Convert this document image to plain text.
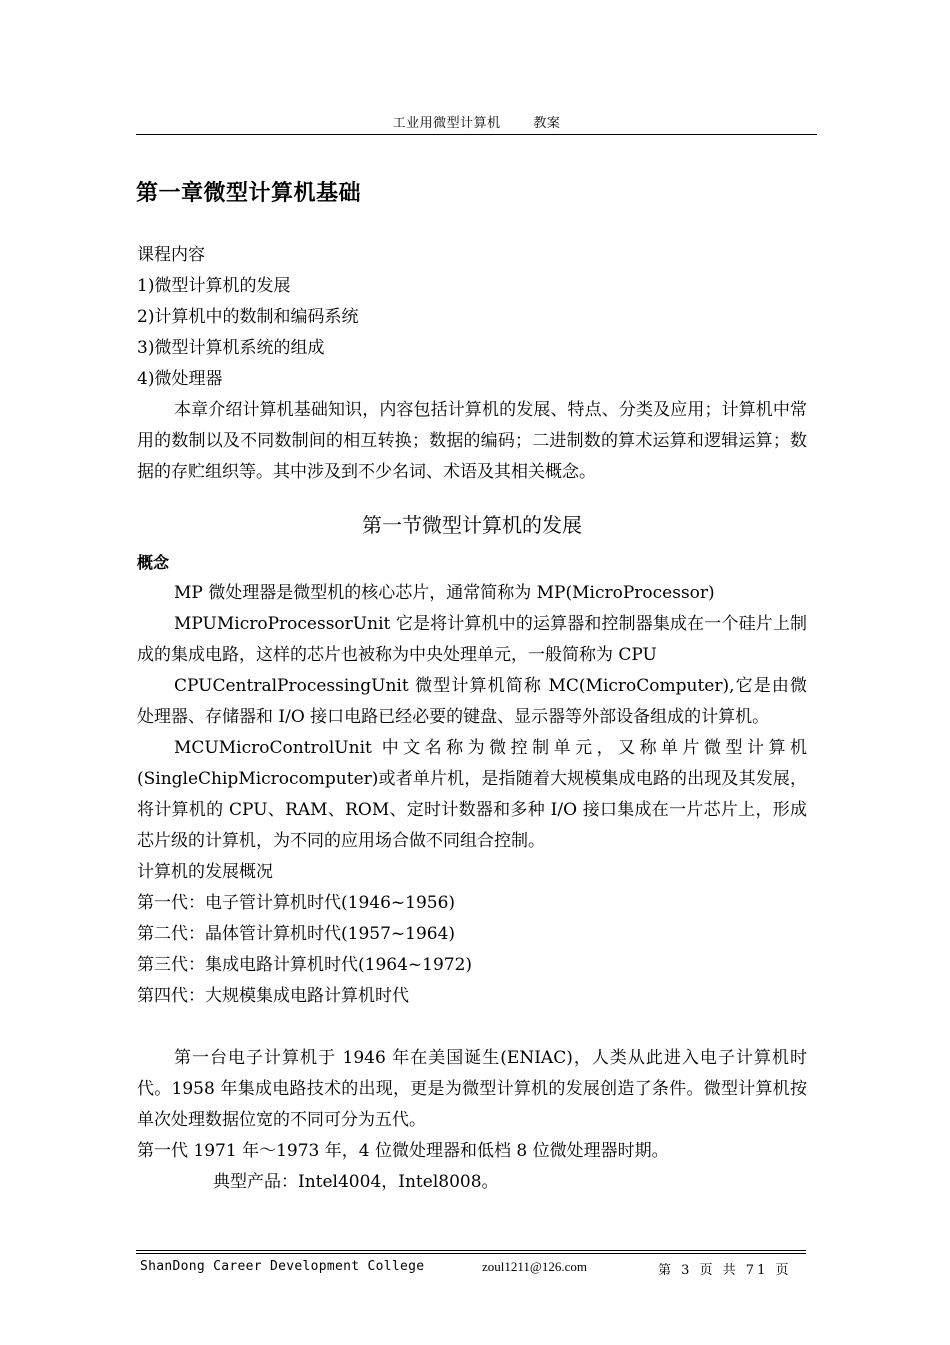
工业用微型计算机	教案
第一章微型计算机基础

课程内容

1)微型计算机的发展

2)计算机中的数制和编码系统

3)微型计算机系统的组成

4)微处理器

本章介绍计算机基础知识，内容包括计算机的发展、特点、分类及应用；计算机中常用的数制以及不同数制间的相互转换；数据的编码；二进制数的算术运算和逻辑运算；数据的存贮组织等。其中涉及到不少名词、术语及其相关概念。

第一节微型计算机的发展

概念

MP 微处理器是微型机的核心芯片，通常简称为 MP(MicroProcessor)

MPUMicroProcessorUnit 它是将计算机中的运算器和控制器集成在一个硅片上制成的集成电路，这样的芯片也被称为中央处理单元，一般简称为 CPU

CPUCentralProcessingUnit 微型计算机简称 MC(MicroComputer),它是由微处理器、存储器和 I/O 接口电路已经必要的键盘、显示器等外部设备组成的计算机。

MCUMicroControlUnit 中文名称为微控制单元，又称单片微型计算机(SingleChipMicrocomputer)或者单片机，是指随着大规模集成电路的出现及其发展，将计算机的 CPU、RAM、ROM、定时计数器和多种 I/O 接口集成在一片芯片上，形成芯片级的计算机，为不同的应用场合做不同组合控制。

计算机的发展概况

第一代：电子管计算机时代(1946~1956)

第二代：晶体管计算机时代(1957~1964)

第三代：集成电路计算机时代(1964~1972)

第四代：大规模集成电路计算机时代

第一台电子计算机于 1946 年在美国诞生(ENIAC)，人类从此进入电子计算机时代。1958 年集成电路技术的出现，更是为微型计算机的发展创造了条件。微型计算机按单次处理数据位宽的不同可分为五代。

第一代 1971 年～1973 年，4 位微处理器和低档 8 位微处理器时期。

典型产品：Intel4004，Intel8008。

ShanDong Career Development College	zoul1211@126.com	第 3 页 共 71 页
